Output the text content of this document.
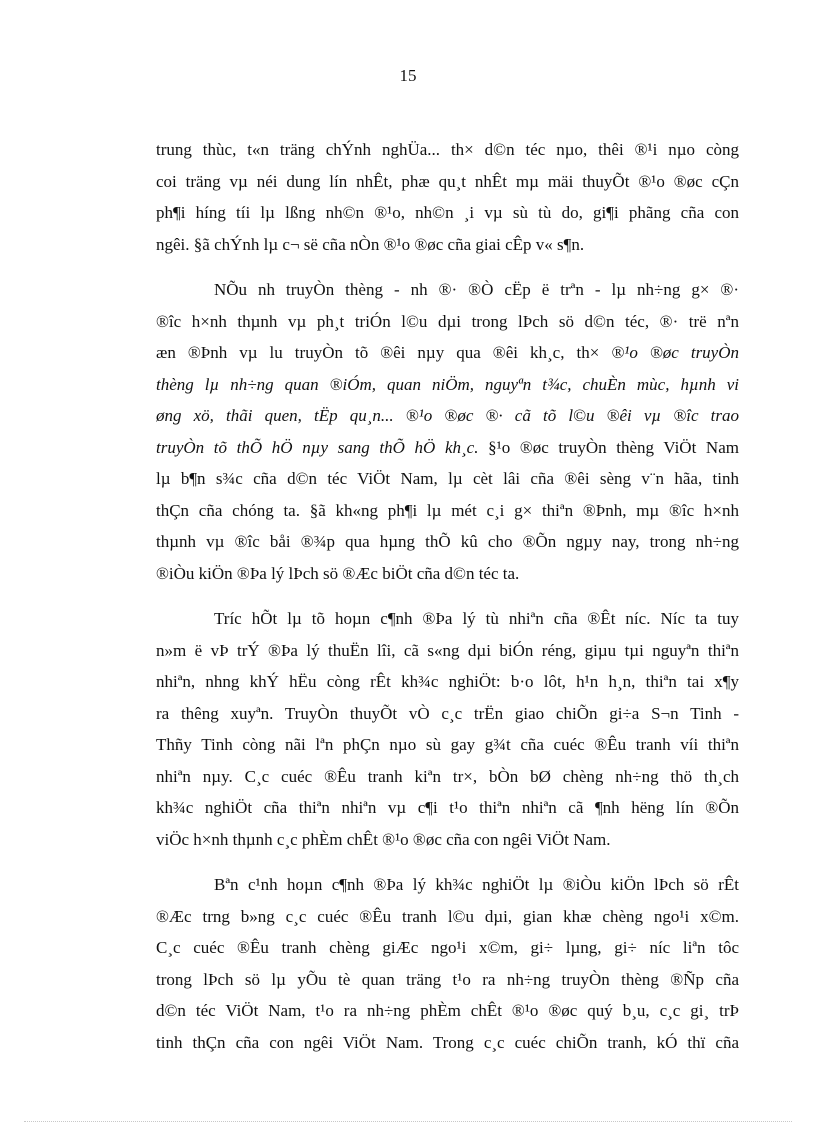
15
trung thùc, t«n träng chÝnh nghÜa... th× d©n téc nµo, thêi ®¹i nµo còng
coi träng vµ néi dung lín nhÊt, phæ qu¸t nhÊt mµ mäi thuyÕt ®¹o ®øc cÇn
ph¶i híng tíi lµ lßng nh©n ®¹o, nh©n ¸i vµ sù tù do, gi¶i phãng cña con
ngêi. §ã chÝnh lµ c¬ së cña nÒn ®¹o ®øc cña giai cÊp v« s¶n.
NÕu nh truyÒn thèng - nh ®· ®Ò cËp ë trªn - lµ nh÷ng g× ®·
®îc h×nh thµnh vµ ph¸t triÓn l©u dµi trong lÞch sö d©n téc, ®· trë nªn
æn ®Þnh vµ lu truyÒn tõ ®êi nµy qua ®êi kh¸c, th× ®¹o ®øc truyÒn
thèng lµ nh÷ng quan ®iÓm, quan niÖm, nguyªn t¾c, chuÈn mùc, hµnh vi
øng xö, thãi quen, tËp qu¸n... ®¹o ®øc ®· cã tõ l©u ®êi vµ ®îc trao
truyÒn tõ thÕ hÖ nµy sang thÕ hÖ kh¸c. §¹o ®øc truyÒn thèng ViÖt Nam
lµ b¶n s¾c cña d©n téc ViÖt Nam, lµ cèt lâi cña ®êi sèng v¨n hãa, tinh
thÇn cña chóng ta. §ã kh«ng ph¶i lµ mét c¸i g× thiªn ®Þnh, mµ ®îc h×nh
thµnh vµ ®îc båi ®¾p qua hµng thÕ kû cho ®Õn ngµy nay, trong nh÷ng
®iÒu kiÖn ®Þa lý lÞch sö ®Æc biÖt cña d©n téc ta.
Tríc hÕt lµ tõ hoµn c¶nh ®Þa lý tù nhiªn cña ®Êt níc. Níc ta tuy
n»m ë vÞ trÝ ®Þa lý thuËn lîi, cã s«ng dµi biÓn réng, giµu tµi nguyªn thiªn
nhiªn, nhng khÝ hËu còng rÊt kh¾c nghiÖt: b·o lôt, h¹n h¸n, thiªn tai x¶y
ra thêng xuyªn. TruyÒn thuyÕt vÒ c¸c trËn giao chiÕn gi÷a S¬n Tinh -
Thñy Tinh còng nãi lªn phÇn nµo sù gay g¾t cña cuéc ®Êu tranh víi thiªn
nhiªn nµy. C¸c cuéc ®Êu tranh kiªn tr×, bÒn bØ chèng nh÷ng thö th¸ch
kh¾c nghiÖt cña thiªn nhiªn vµ c¶i t¹o thiªn nhiªn cã ¶nh hëng lín ®Õn
viÖc h×nh thµnh c¸c phÈm chÊt ®¹o ®øc cña con ngêi ViÖt Nam.
Bªn c¹nh hoµn c¶nh ®Þa lý kh¾c nghiÖt lµ ®iÒu kiÖn lÞch sö rÊt
®Æc trng b»ng c¸c cuéc ®Êu tranh l©u dµi, gian khæ chèng ngo¹i x©m.
C¸c cuéc ®Êu tranh chèng giÆc ngo¹i x©m, gi÷ lµng, gi÷ níc liªn tôc
trong lÞch sö lµ yÕu tè quan träng t¹o ra nh÷ng truyÒn thèng ®Ñp cña
d©n téc ViÖt Nam, t¹o ra nh÷ng phÈm chÊt ®¹o ®øc quý b¸u, c¸c gi¸ trÞ
tinh thÇn cña con ngêi ViÖt Nam. Trong c¸c cuéc chiÕn tranh, kÓ thï cña
